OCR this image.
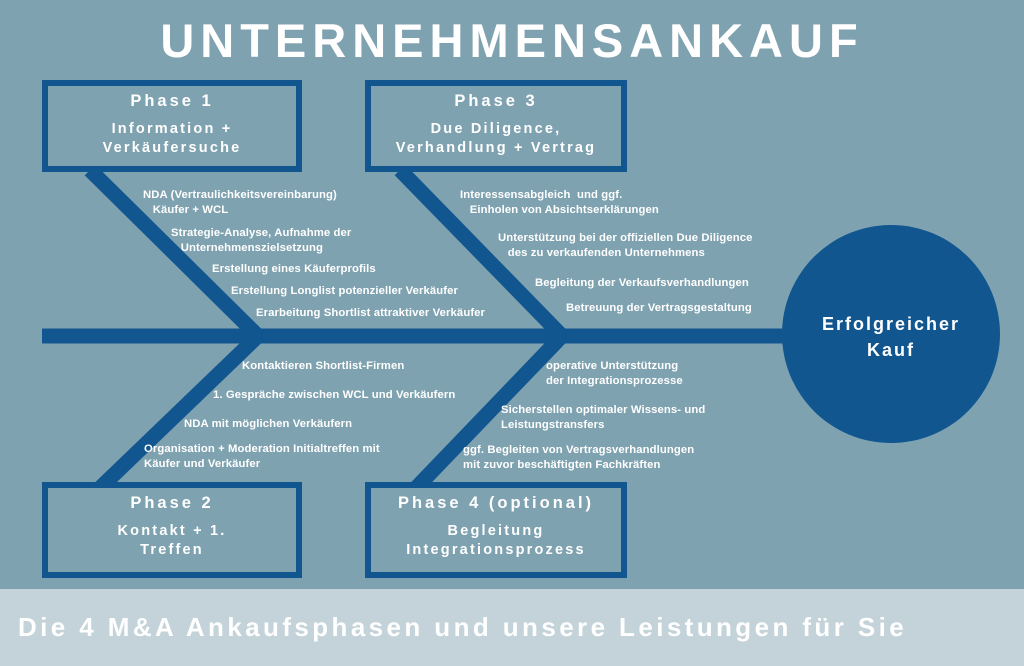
UNTERNEHMENSANKAUF
Phase 1
Information +
Verkäufersuche
Phase 3
Due Diligence,
Verhandlung + Vertrag
Phase 2
Kontakt + 1.
Treffen
Phase 4 (optional)
Begleitung
Integrationsprozess
NDA (Vertraulichkeitsvereinbarung)
Käufer + WCL
Strategie-Analyse, Aufnahme der
Unternehmenszielsetzung
Erstellung eines Käuferprofils
Erstellung Longlist potenzieller Verkäufer
Erarbeitung Shortlist attraktiver Verkäufer
Interessensabgleich  und ggf.
Einholen von Absichtserklärungen
Unterstützung bei der offiziellen Due Diligence
des zu verkaufenden Unternehmens
Begleitung der Verkaufsverhandlungen
Betreuung der Vertragsgestaltung
Kontaktieren Shortlist-Firmen
1. Gespräche zwischen WCL und Verkäufern
NDA mit möglichen Verkäufern
Organisation + Moderation Initialtreffen mit
Käufer und Verkäufer
operative Unterstützung
der Integrationsprozesse
Sicherstellen optimaler Wissens- und
Leistungstransfers
ggf. Begleiten von Vertragsverhandlungen
mit zuvor beschäftigten Fachkräften
Erfolgreicher
Kauf
Die 4 M&A Ankaufsphasen und unsere Leistungen für Sie
